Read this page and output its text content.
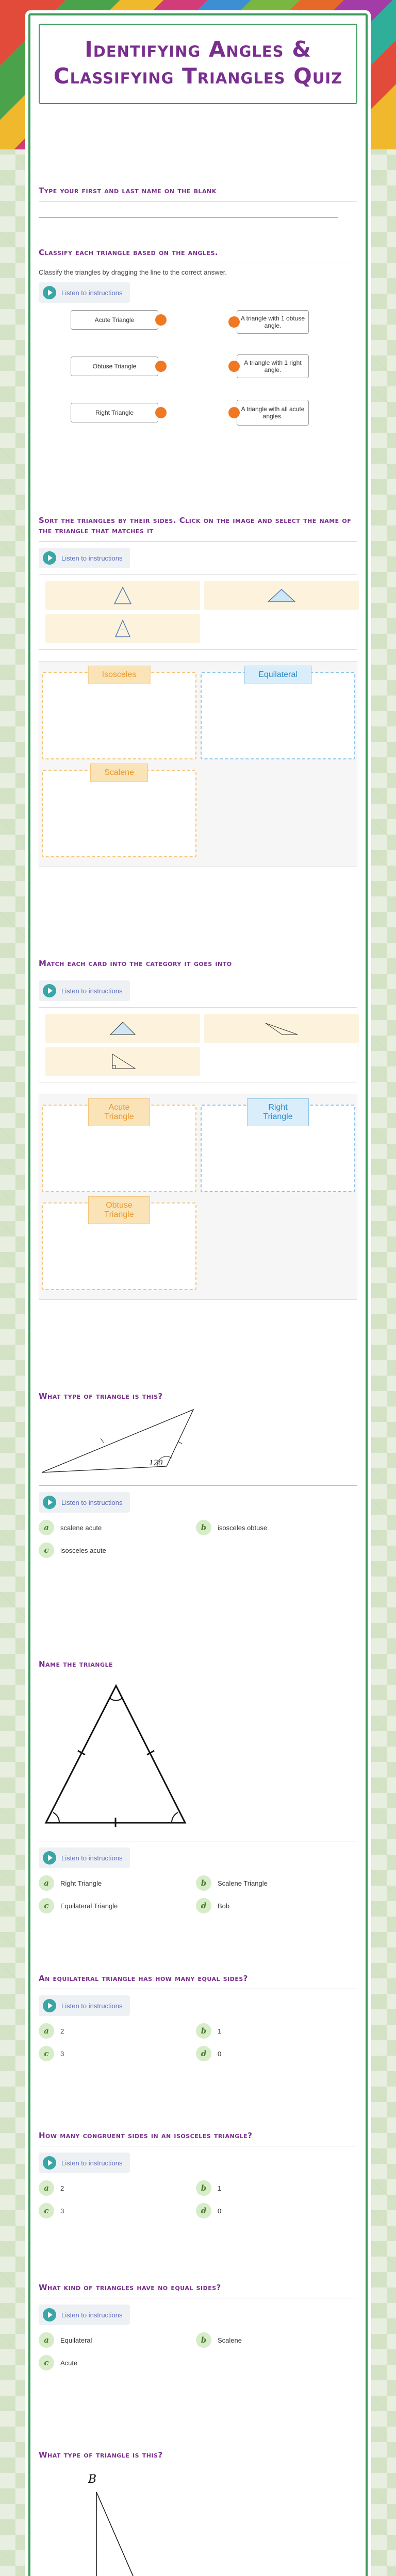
Identifying Angles & Classifying Triangles Quiz
Type your first and last name on the blank
Classify each triangle based on the angles.
Classify the triangles by dragging the line to the correct answer.
Listen to instructions
Acute Triangle	A triangle with 1 obtuse angle.
Obtuse Triangle	A triangle with 1 right angle.
Right Triangle	A triangle with all acute angles.
Sort the triangles by their sides. Click on the image and select the name of the triangle that matches it
Listen to instructions
⌒
Isosceles	Equilateral
Scalene
Match each card into the category it goes into
Listen to instructions
Acute Triangle
Right Triangle
Obtuse Triangle
What type of triangle is this?
120
Listen to instructions
a	scalene acute	b	isosceles obtuse
c	isosceles acute
Name the triangle
Listen to instructions
a	Right Triangle	b	Scalene Triangle
c	Equilateral Triangle	d	Bob
An equilateral triangle has how many equal sides?
Listen to instructions
a	2	b	1
c	3	d	0
How many congruent sides in an isosceles triangle?
Listen to instructions
a	2	b	1
c	3	d	0
What kind of triangles have no equal sides?
Listen to instructions
a	Equilateral	b	Scalene
c	Acute
What type of triangle is this?
B
